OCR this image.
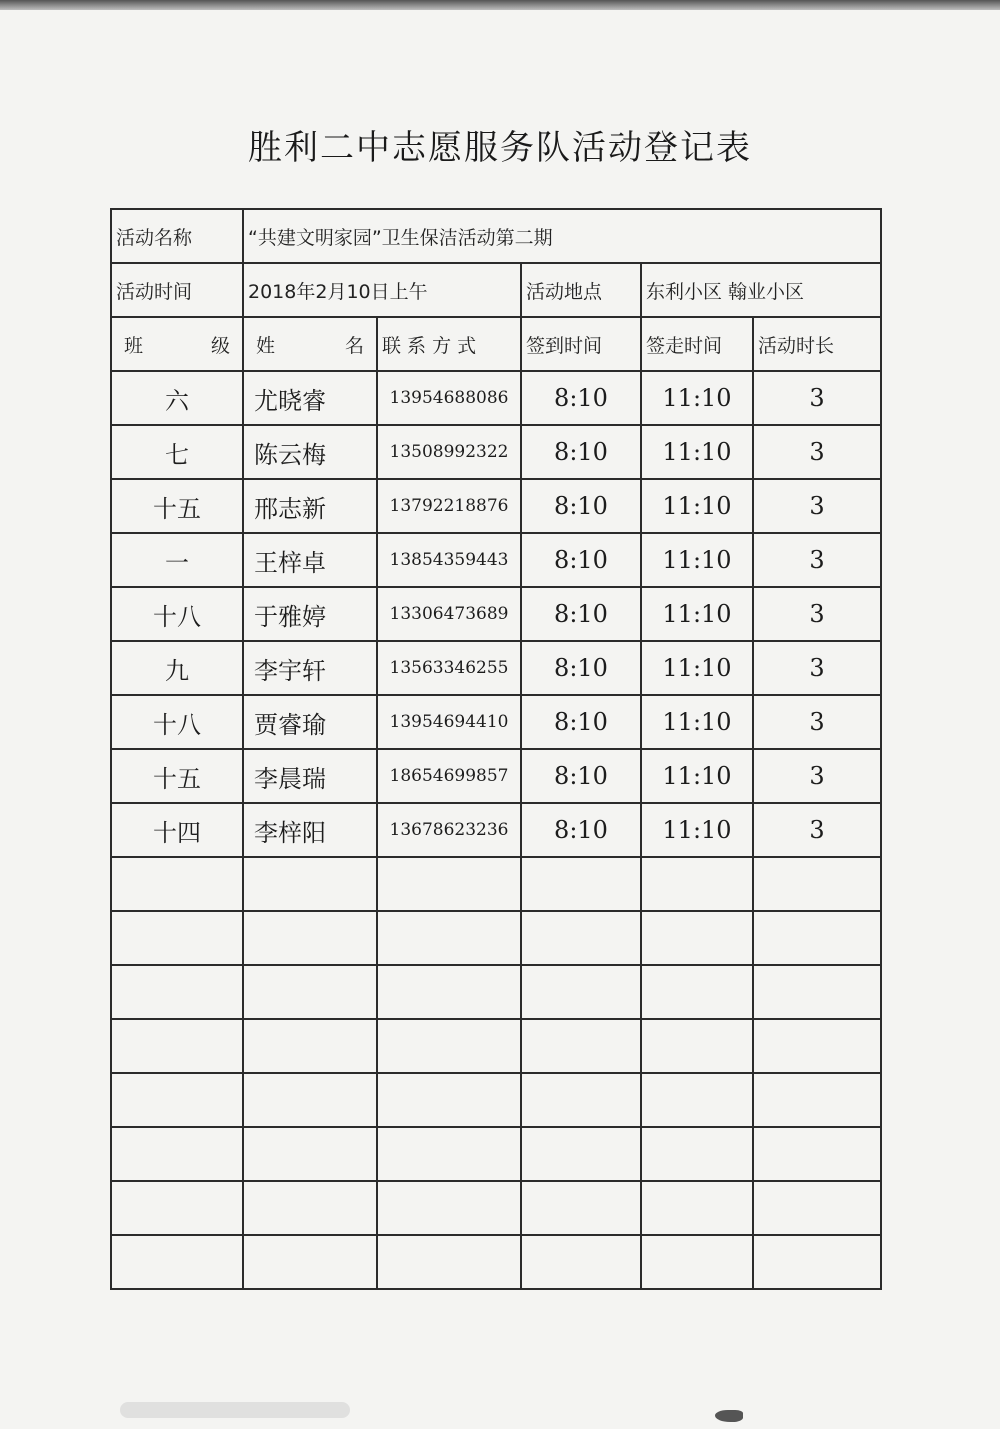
胜利二中志愿服务队活动登记表
活动名称	“共建文明家园”卫生保洁活动第二期				
活动时间	2018年2月10日上午		活动地点	东利小区 翰业小区	

班 级	姓 名	联 系 方 式	签到时间	签走时间	活动时长
六	尤晓睿	13954688086	8:10	11:10	3
七	陈云梅	13508992322	8:10	11:10	3
十五	邢志新	13792218876	8:10	11:10	3
一	王梓卓	13854359443	8:10	11:10	3
十八	于雅婷	13306473689	8:10	11:10	3
九	李宇轩	13563346255	8:10	11:10	3
十八	贾睿瑜	13954694410	8:10	11:10	3
十五	李晨瑞	18654699857	8:10	11:10	3
十四	李梓阳	13678623236	8:10	11:10	3
